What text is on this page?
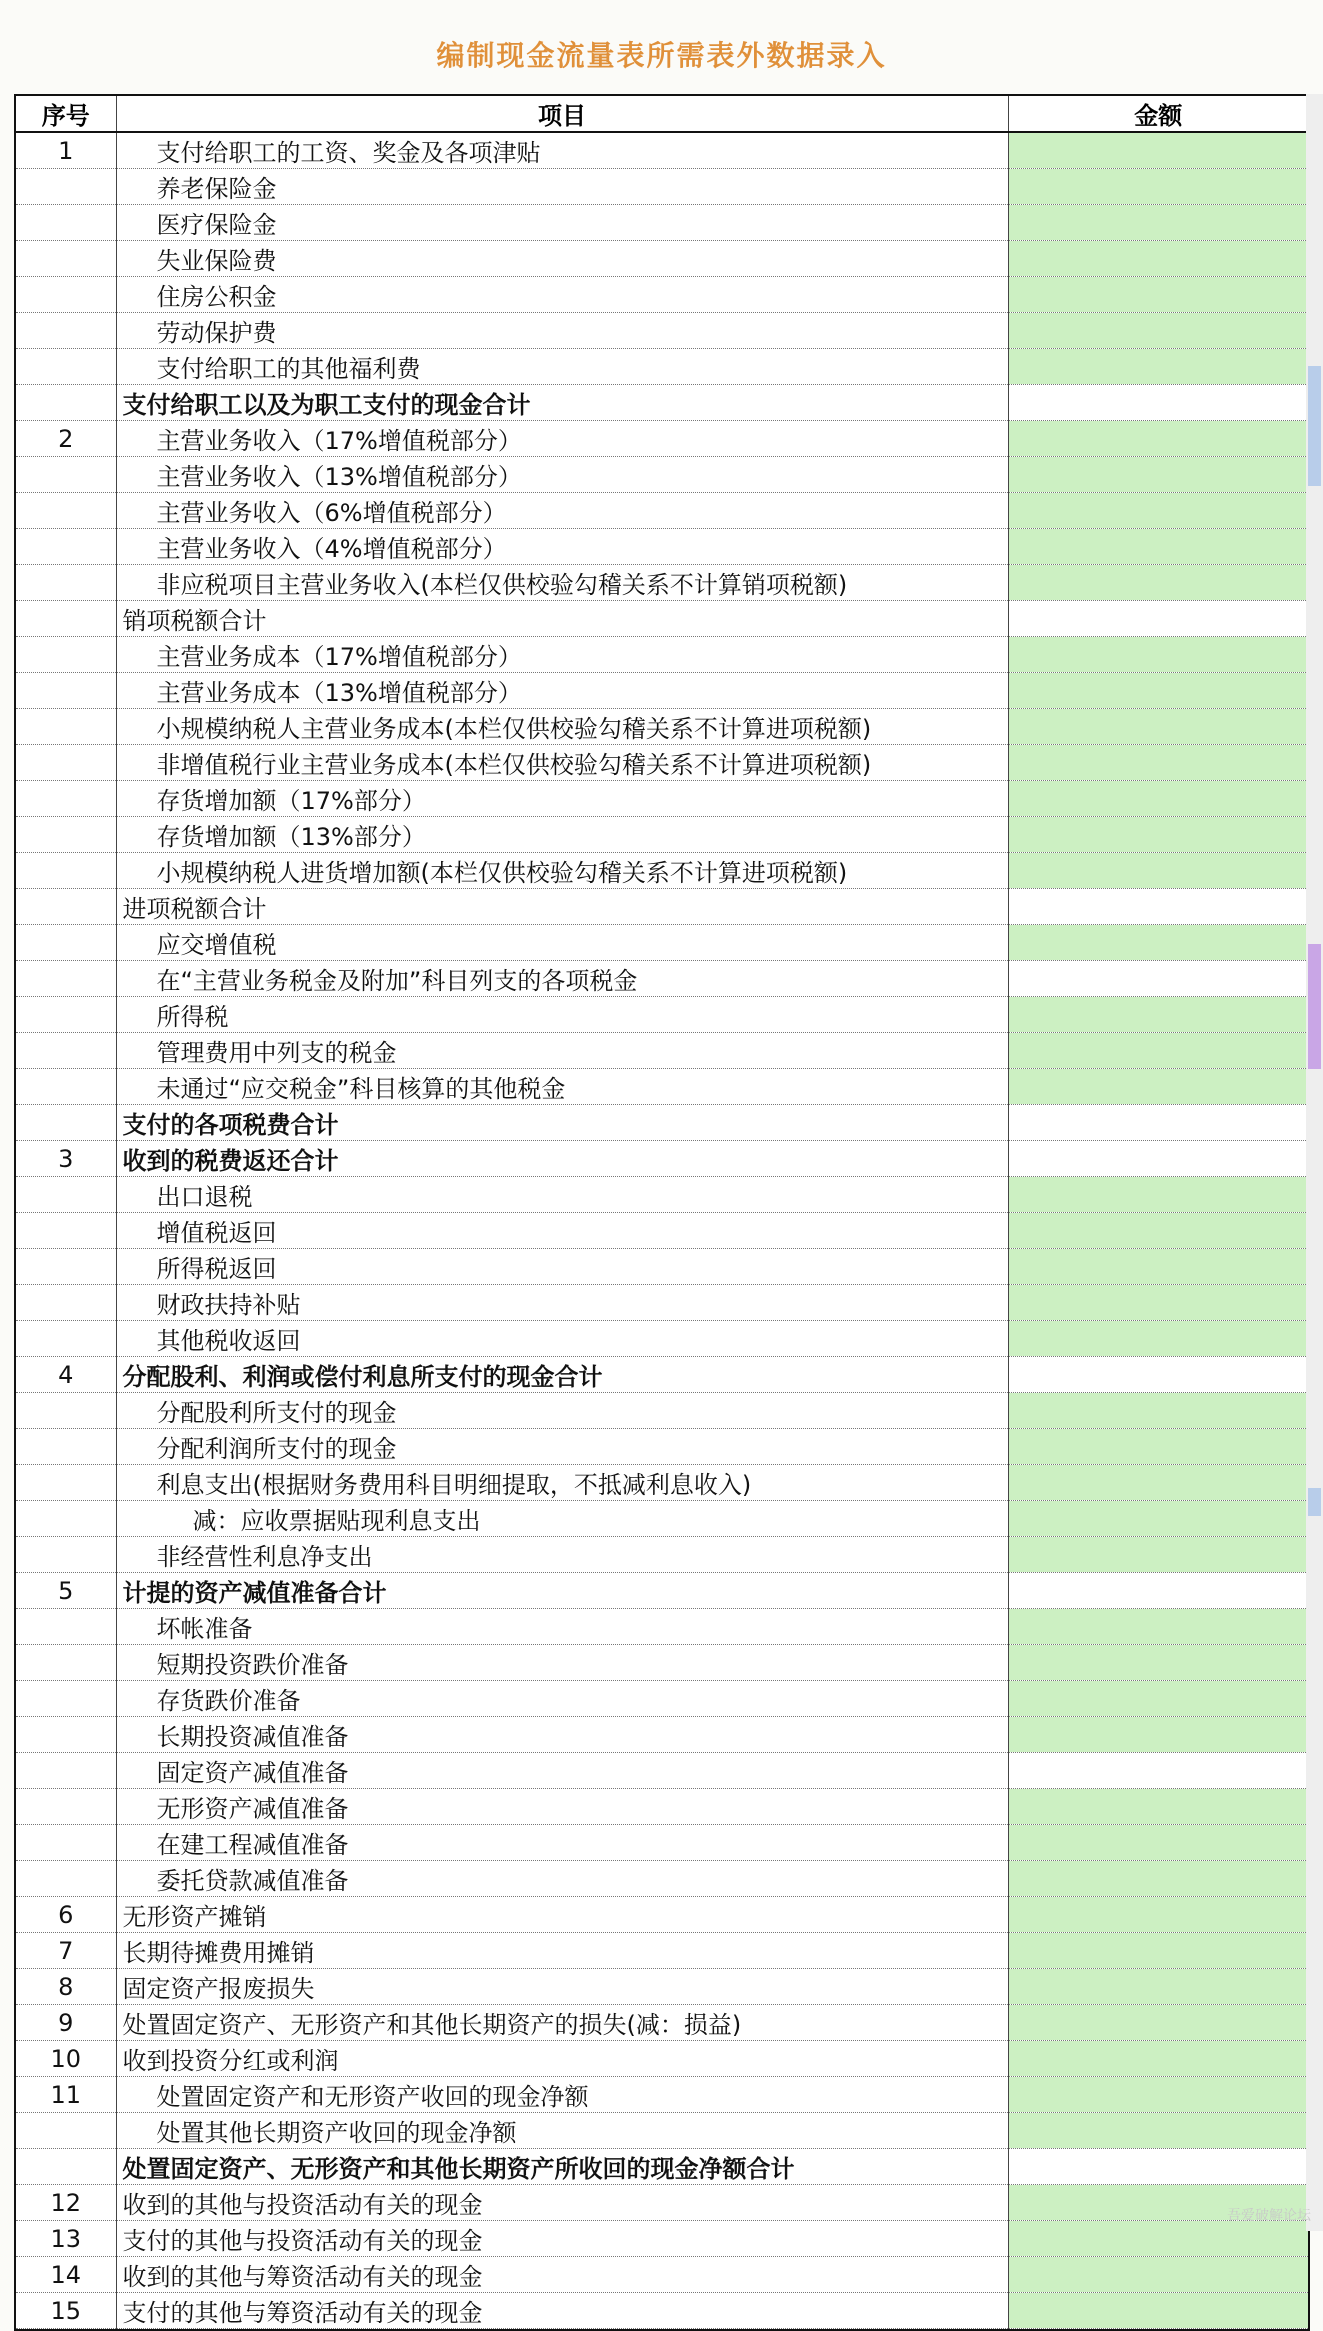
编制现金流量表所需表外数据录入
序号	项目	金额
1	支付给职工的工资、奖金及各项津贴	
	养老保险金	
	医疗保险金	
	失业保险费	
	住房公积金	
	劳动保护费	
	支付给职工的其他福利费	
	支付给职工以及为职工支付的现金合计	
2	主营业务收入（17%增值税部分）	
	主营业务收入（13%增值税部分）	
	主营业务收入（6%增值税部分）	
	主营业务收入（4%增值税部分）	
	非应税项目主营业务收入(本栏仅供校验勾稽关系不计算销项税额)	
	销项税额合计	
	主营业务成本（17%增值税部分）	
	主营业务成本（13%增值税部分）	
	小规模纳税人主营业务成本(本栏仅供校验勾稽关系不计算进项税额)	
	非增值税行业主营业务成本(本栏仅供校验勾稽关系不计算进项税额)	
	存货增加额（17%部分）	
	存货增加额（13%部分）	
	小规模纳税人进货增加额(本栏仅供校验勾稽关系不计算进项税额)	
	进项税额合计	
	应交增值税	
	在“主营业务税金及附加”科目列支的各项税金	
	所得税	
	管理费用中列支的税金	
	未通过“应交税金”科目核算的其他税金	
	支付的各项税费合计	
3	收到的税费返还合计	
	出口退税	
	增值税返回	
	所得税返回	
	财政扶持补贴	
	其他税收返回	
4	分配股利、利润或偿付利息所支付的现金合计	
	分配股利所支付的现金	
	分配利润所支付的现金	
	利息支出(根据财务费用科目明细提取，不抵减利息收入)	
	减：应收票据贴现利息支出	
	非经营性利息净支出	
5	计提的资产减值准备合计	
	坏帐准备	
	短期投资跌价准备	
	存货跌价准备	
	长期投资减值准备	
	固定资产减值准备	
	无形资产减值准备	
	在建工程减值准备	
	委托贷款减值准备	
6	无形资产摊销	
7	长期待摊费用摊销	
8	固定资产报废损失	
9	处置固定资产、无形资产和其他长期资产的损失(减：损益)	
10	收到投资分红或利润	
11	处置固定资产和无形资产收回的现金净额	
	处置其他长期资产收回的现金净额	
	处置固定资产、无形资产和其他长期资产所收回的现金净额合计	
12	收到的其他与投资活动有关的现金	
13	支付的其他与投资活动有关的现金	
14	收到的其他与筹资活动有关的现金	
15	支付的其他与筹资活动有关的现金	
吾爱破解论坛
